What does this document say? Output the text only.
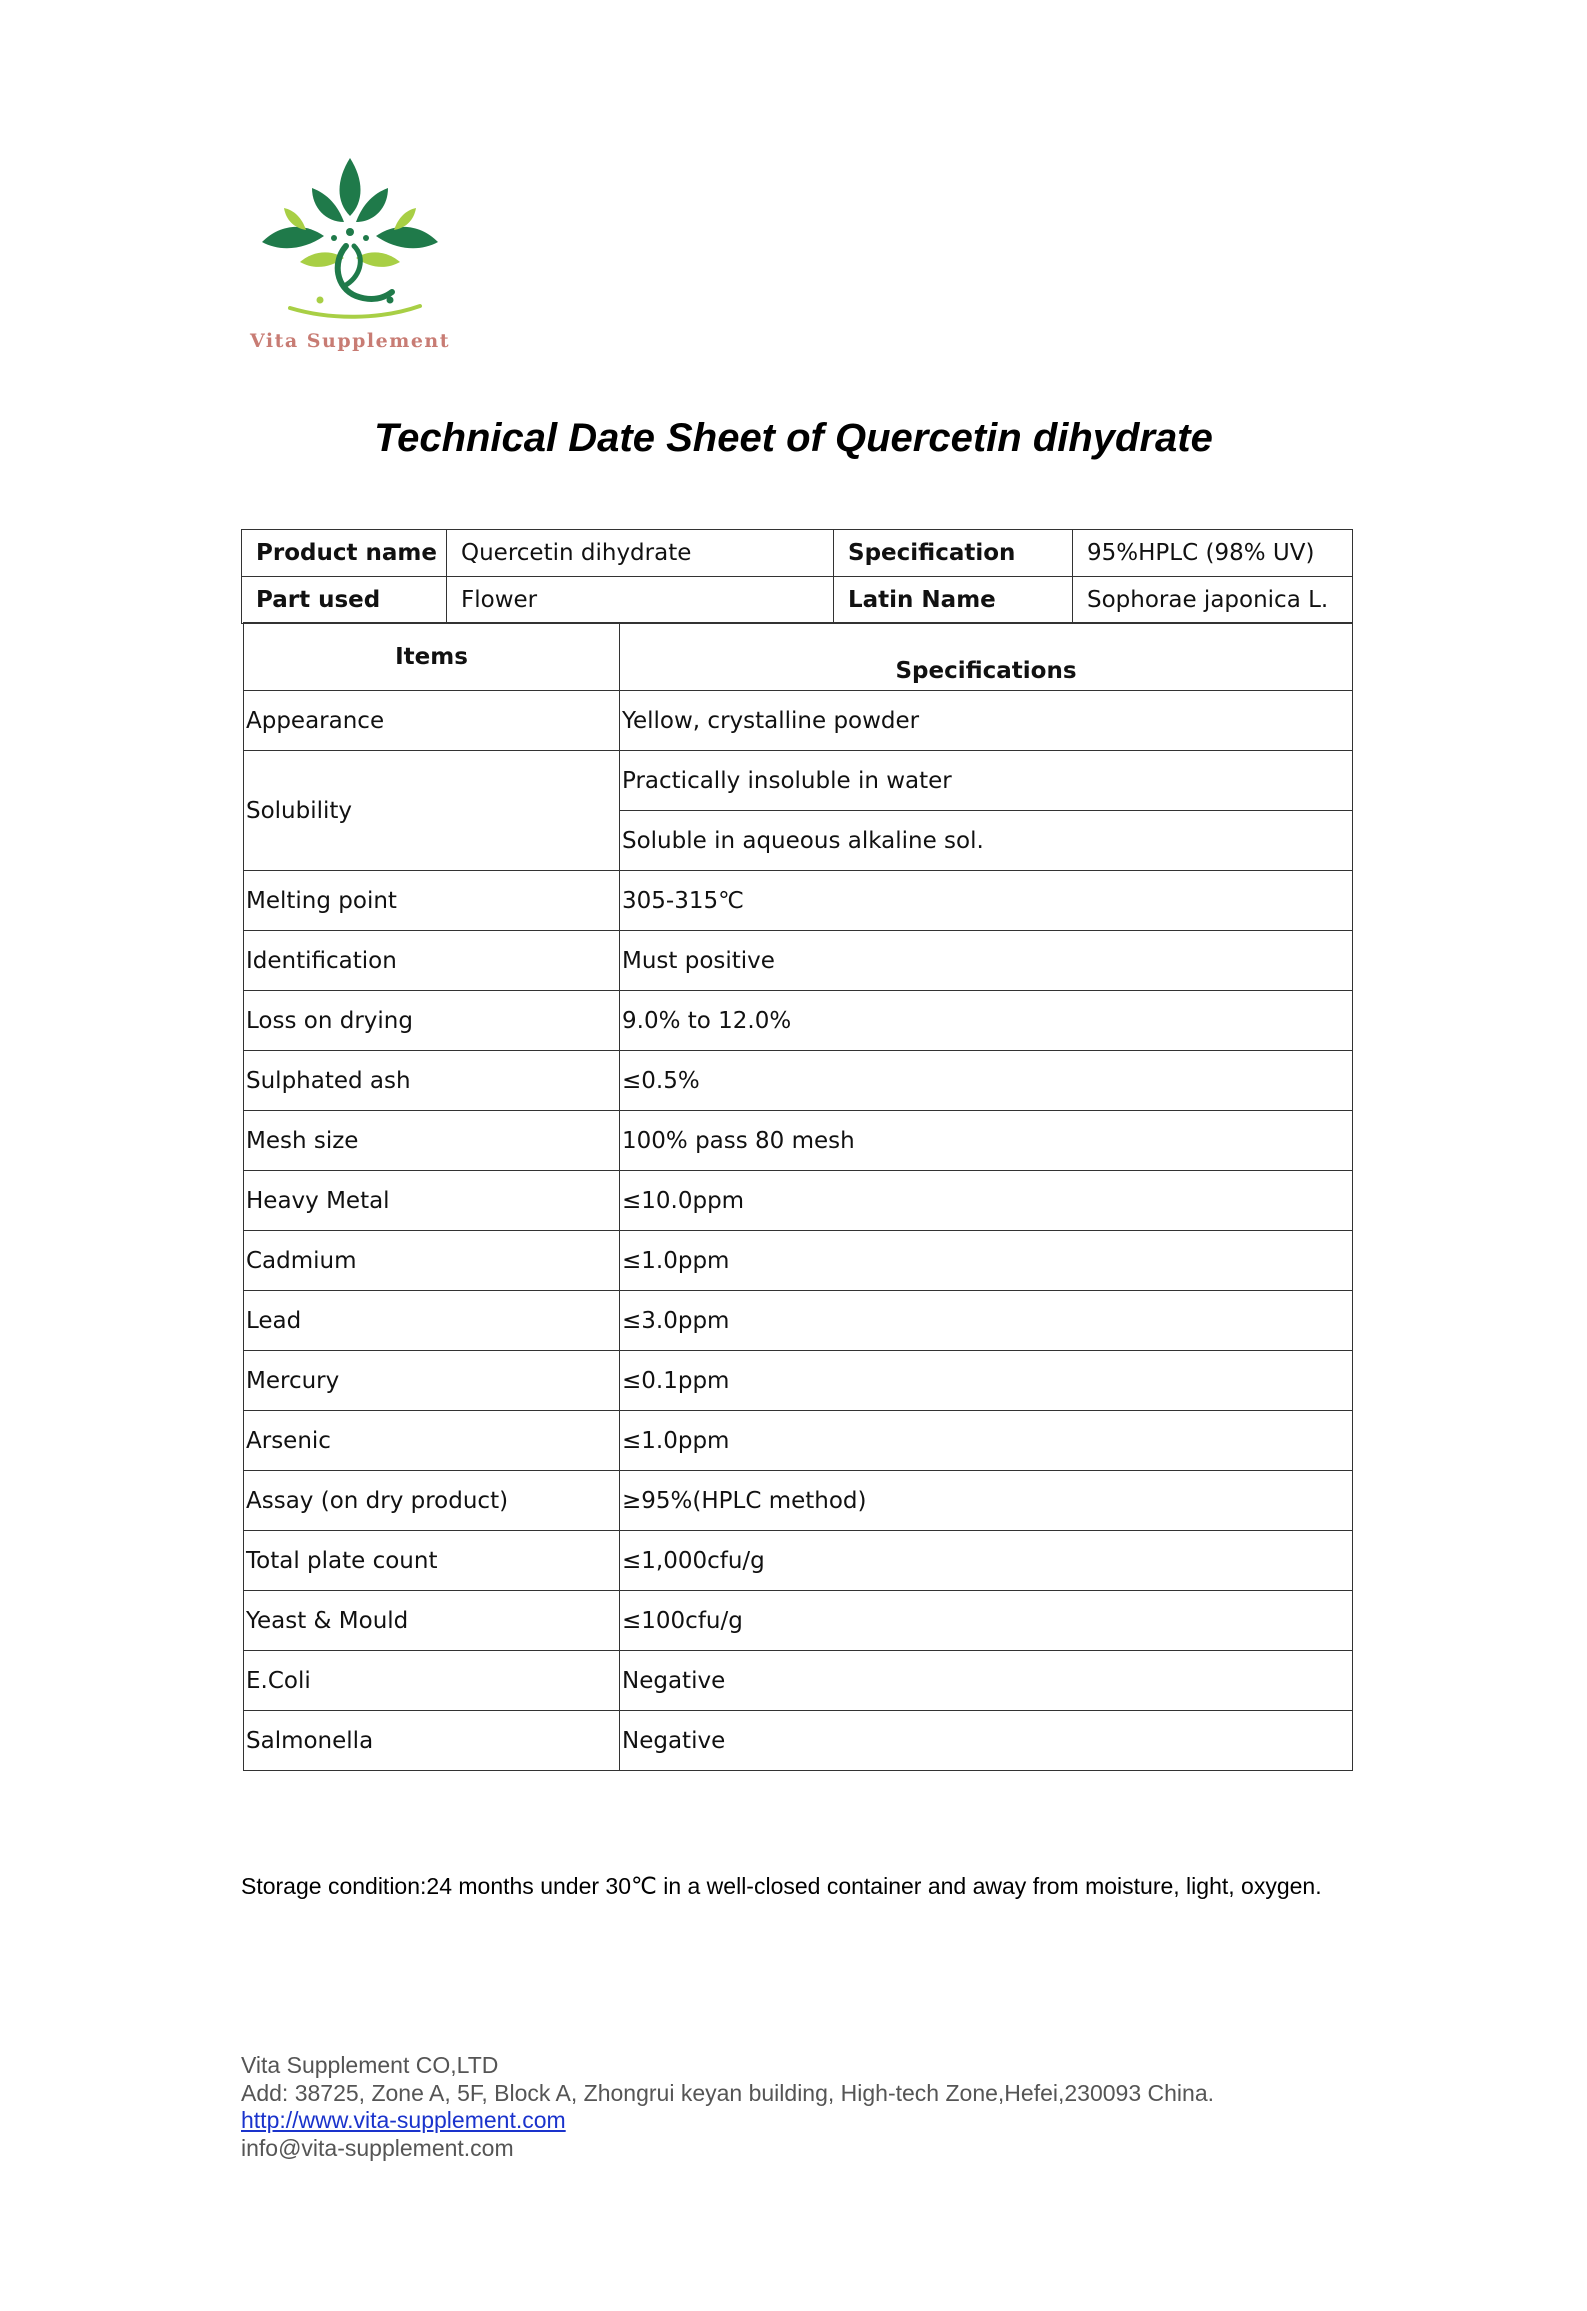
Vita Supplement
Technical Date Sheet of Quercetin dihydrate
Product name	Quercetin dihydrate	Specification	95%HPLC (98% UV)
Part used	Flower	Latin Name	Sophorae japonica L.
Items	Specifications
Appearance	Yellow, crystalline powder
Solubility	Practically insoluble in water
	Soluble in aqueous alkaline sol.
Melting point	305-315℃
Identification	Must positive
Loss on drying	9.0% to 12.0%
Sulphated ash	≤0.5%
Mesh size	100% pass 80 mesh
Heavy Metal	≤10.0ppm
Cadmium	≤1.0ppm
Lead	≤3.0ppm
Mercury	≤0.1ppm
Arsenic	≤1.0ppm
Assay (on dry product)	≥95%(HPLC method)
Total plate count	≤1,000cfu/g
Yeast & Mould	≤100cfu/g
E.Coli	Negative
Salmonella	Negative
Storage condition:24 months under 30℃ in a well-closed container and away from moisture, light, oxygen.
Vita Supplement CO,LTD
Add: 38725, Zone A, 5F, Block A, Zhongrui keyan building, High-tech Zone,Hefei,230093 China.
http://www.vita-supplement.com
info@vita-supplement.com
